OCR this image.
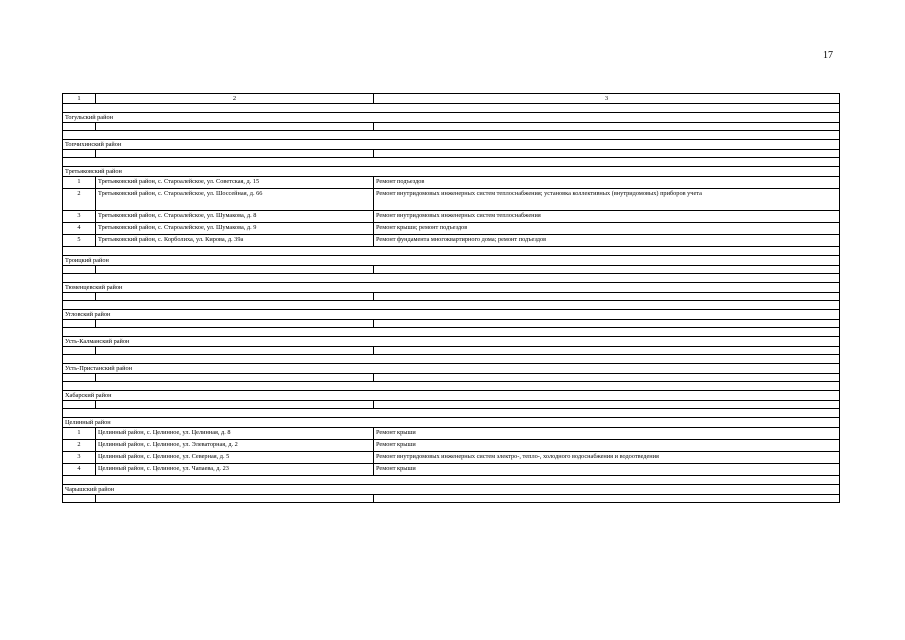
17
1	2	3

Тогульский район		

Топчихинский район		

Третьяковский район		
1	Третьяковский район, с. Староалейское, ул. Советская, д. 15	Ремонт подъездов
2	Третьяковский район, с. Староалейское, ул. Шоссейная, д. 66	Ремонт внутридомовых инженерных систем теплоснабжения; установка коллективных (внутридомовых) приборов учета
3	Третьяковский район, с. Староалейское, ул. Шумакова, д. 8	Ремонт внутридомовых инженерных систем теплоснабжения
4	Третьяковский район, с. Староалейское, ул. Шумакова, д. 9	Ремонт крыши; ремонт подъездов
5	Третьяковский район, с. Корболиха, ул. Кирова, д. 39а	Ремонт фундамента многоквартирного дома; ремонт подъездов

Троицкий район		

Тюменцевский район		

Угловский район		

Усть-Калманский район		

Усть-Пристанский район		

Хабарский район		

Целинный район		
1	Целинный район, с. Целинное, ул. Целинная, д. 8	Ремонт крыши
2	Целинный район, с. Целинное, ул. Элеваторная, д. 2	Ремонт крыши
3	Целинный район, с. Целинное, ул. Северная, д. 5	Ремонт внутридомовых инженерных систем электро-, тепло-, холодного водоснабжения и водоотведения
4	Целинный район, с. Целинное, ул. Чапаева, д. 23	Ремонт крыши

Чарышский район		
